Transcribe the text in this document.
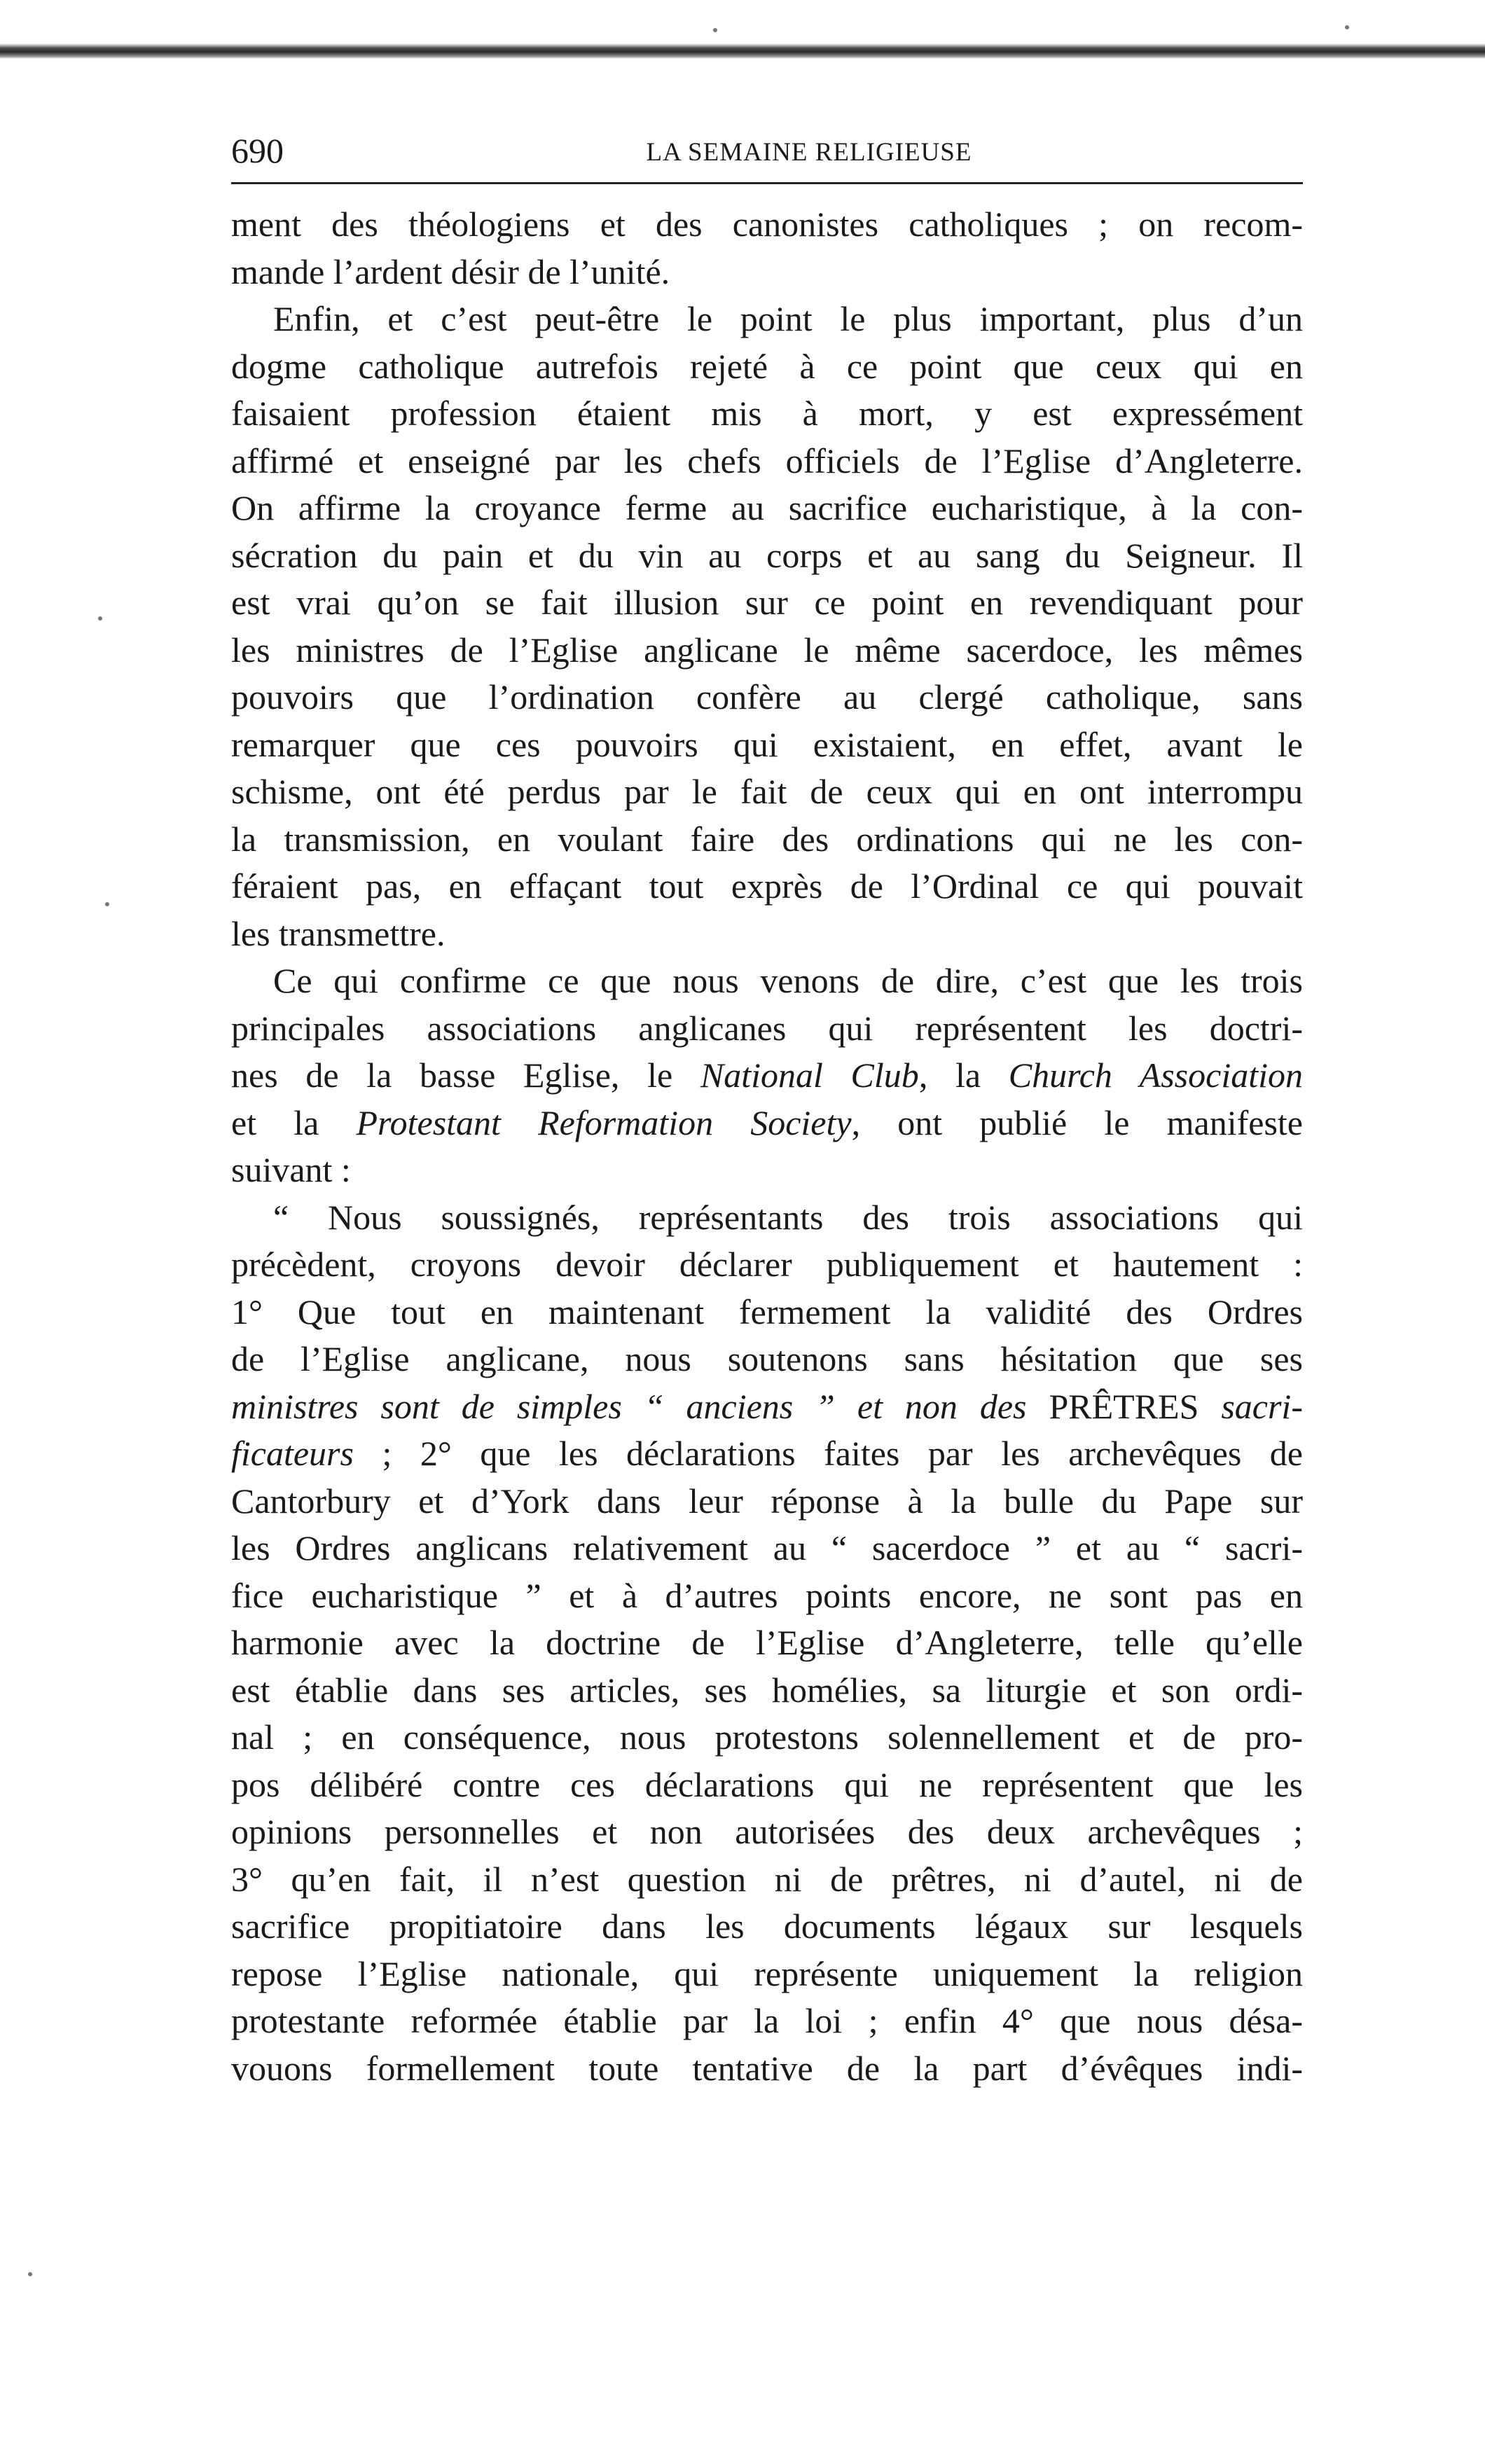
690	LA SEMAINE RELIGIEUSE
ment des théologiens et des canonistes catholiques ; on recom-
mande l’ardent désir de l’unité.
Enfin, et c’est peut-être le point le plus important, plus d’un
dogme catholique autrefois rejeté à ce point que ceux qui en
faisaient profession étaient mis à mort, y est expressément
affirmé et enseigné par les chefs officiels de l’Eglise d’Angleterre.
On affirme la croyance ferme au sacrifice eucharistique, à la con-
sécration du pain et du vin au corps et au sang du Seigneur. Il
est vrai qu’on se fait illusion sur ce point en revendiquant pour
les ministres de l’Eglise anglicane le même sacerdoce, les mêmes
pouvoirs que l’ordination confère au clergé catholique, sans
remarquer que ces pouvoirs qui existaient, en effet, avant le
schisme, ont été perdus par le fait de ceux qui en ont interrompu
la transmission, en voulant faire des ordinations qui ne les con-
féraient pas, en effaçant tout exprès de l’Ordinal ce qui pouvait
les transmettre.
Ce qui confirme ce que nous venons de dire, c’est que les trois
principales associations anglicanes qui représentent les doctri-
nes de la basse Eglise, le National Club, la Church Association
et la Protestant Reformation Society, ont publié le manifeste
suivant :
“ Nous soussignés, représentants des trois associations qui
précèdent, croyons devoir déclarer publiquement et hautement :
1° Que tout en maintenant fermement la validité des Ordres
de l’Eglise anglicane, nous soutenons sans hésitation que ses
ministres sont de simples “ anciens ” et non des PRÊTRES sacri-
ficateurs ; 2° que les déclarations faites par les archevêques de
Cantorbury et d’York dans leur réponse à la bulle du Pape sur
les Ordres anglicans relativement au “ sacerdoce ” et au “ sacri-
fice eucharistique ” et à d’autres points encore, ne sont pas en
harmonie avec la doctrine de l’Eglise d’Angleterre, telle qu’elle
est établie dans ses articles, ses homélies, sa liturgie et son ordi-
nal ; en conséquence, nous protestons solennellement et de pro-
pos délibéré contre ces déclarations qui ne représentent que les
opinions personnelles et non autorisées des deux archevêques ;
3° qu’en fait, il n’est question ni de prêtres, ni d’autel, ni de
sacrifice propitiatoire dans les documents légaux sur lesquels
repose l’Eglise nationale, qui représente uniquement la religion
protestante reformée établie par la loi ; enfin 4° que nous désa-
vouons formellement toute tentative de la part d’évêques indi-
